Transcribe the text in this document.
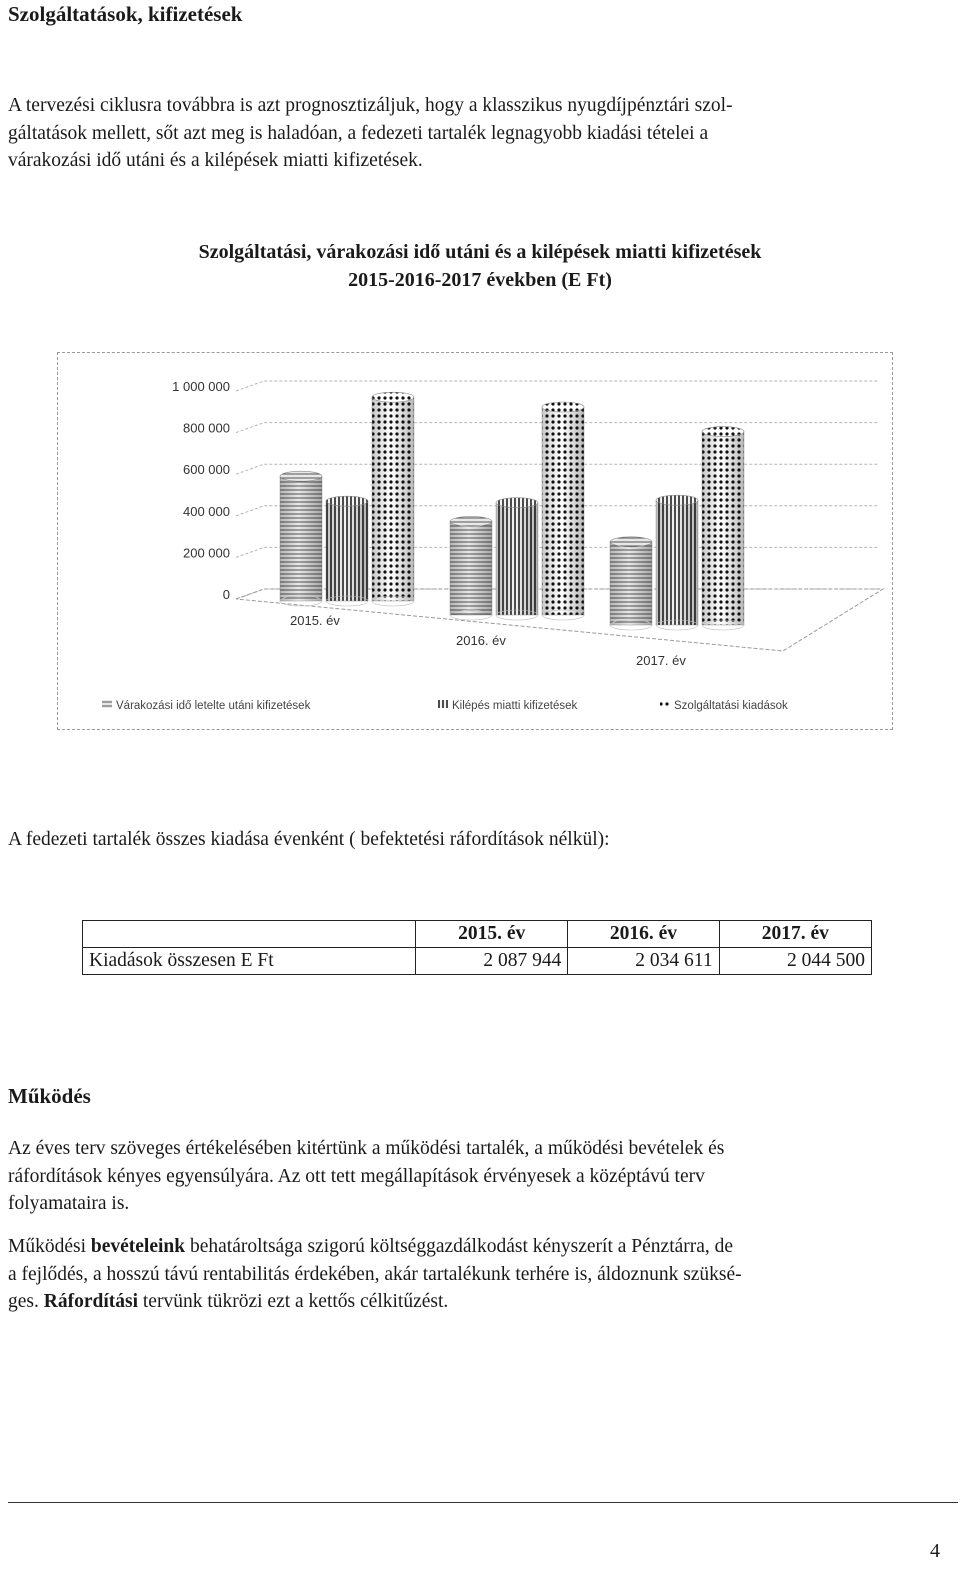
Szolgáltatások, kifizetések
A tervezési ciklusra továbbra is azt prognosztizáljuk, hogy a klasszikus nyugdíjpénztári szol-
gáltatások mellett, sőt azt meg is haladóan, a fedezeti tartalék legnagyobb kiadási tételei a
várakozási idő utáni és a kilépések miatti kifizetések.
Szolgáltatási, várakozási idő utáni és a kilépések miatti kifizetések
2015-2016-2017 években (E Ft)
1 000 000
800 000
600 000
400 000
200 000
0
2015. év
2016. év
2017. év
Várakozási idő letelte utáni kifizetések	Kilépés miatti kifizetések	Szolgáltatási kiadások
A fedezeti tartalék összes kiadása évenként ( befektetési ráfordítások nélkül):
	2015. év	2016. év	2017. év
Kiadások összesen E Ft	2 087 944	2 034 611	2 044 500
Működés
Az éves terv szöveges értékelésében kitértünk a működési tartalék, a működési bevételek és
ráfordítások kényes egyensúlyára. Az ott tett megállapítások érvényesek a középtávú terv
folyamataira is.
Működési bevételeink behatároltsága szigorú költséggazdálkodást kényszerít a Pénztárra, de
a fejlődés, a hosszú távú rentabilitás érdekében, akár tartalékunk terhére is, áldoznunk szüksé-
ges. Ráfordítási tervünk tükrözi ezt a kettős célkitűzést.
4
